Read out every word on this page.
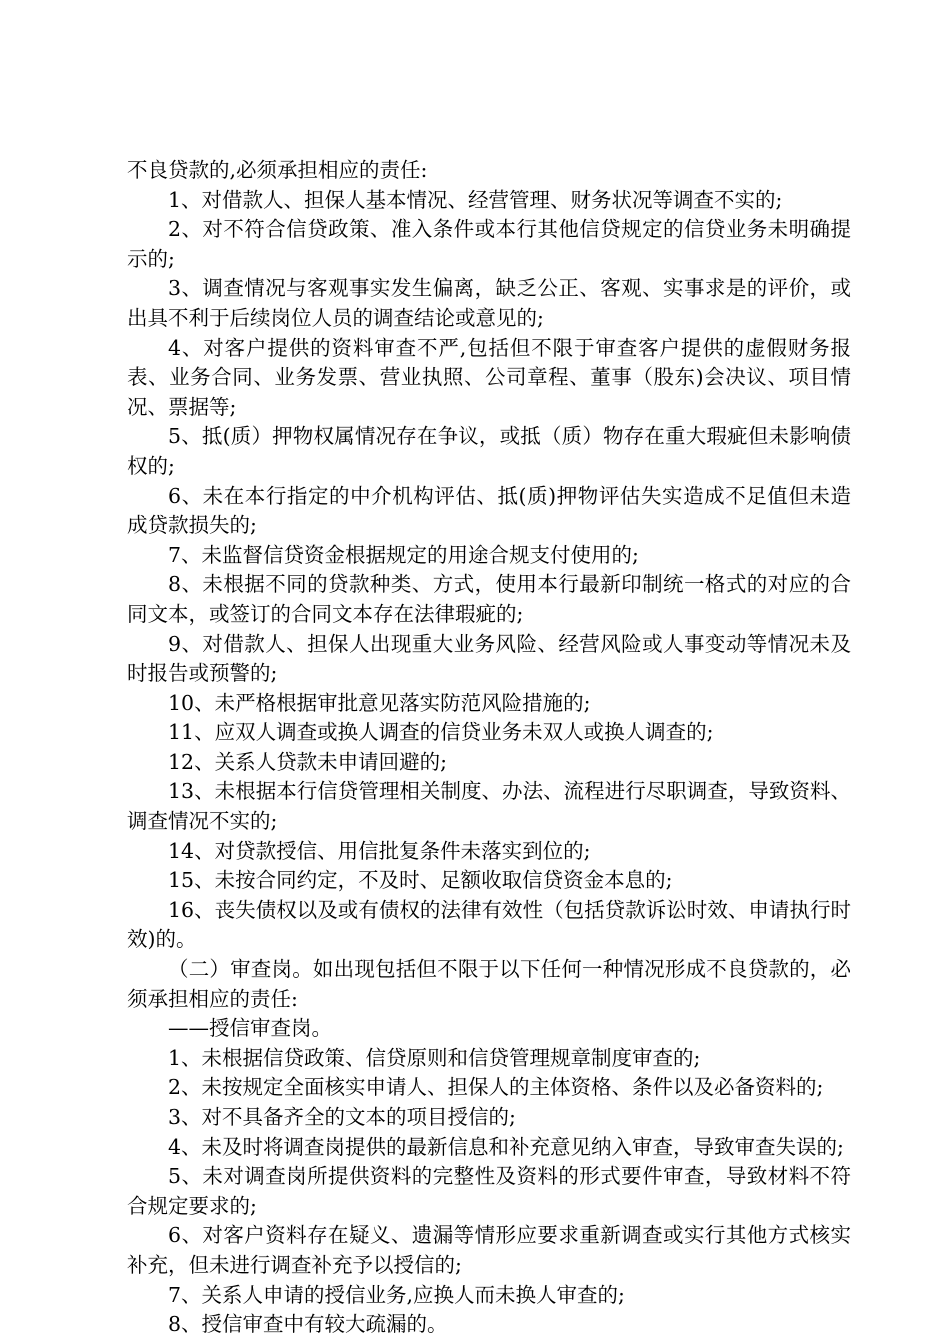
不良贷款的,必须承担相应的责任:

1、对借款人、担保人基本情况、经营管理、财务状况等调查不实的;

2、对不符合信贷政策、准入条件或本行其他信贷规定的信贷业务未明确提示的;

3、调查情况与客观事实发生偏离，缺乏公正、客观、实事求是的评价，或出具不利于后续岗位人员的调查结论或意见的;

4、对客户提供的资料审查不严,包括但不限于审查客户提供的虚假财务报表、业务合同、业务发票、营业执照、公司章程、董事（股东)会决议、项目情况、票据等;

5、抵(质）押物权属情况存在争议，或抵（质）物存在重大瑕疵但未影响债权的;

6、未在本行指定的中介机构评估、抵(质)押物评估失实造成不足值但未造成贷款损失的;

7、未监督信贷资金根据规定的用途合规支付使用的;

8、未根据不同的贷款种类、方式，使用本行最新印制统一格式的对应的合同文本，或签订的合同文本存在法律瑕疵的;

9、对借款人、担保人出现重大业务风险、经营风险或人事变动等情况未及时报告或预警的;

10、未严格根据审批意见落实防范风险措施的;

11、应双人调查或换人调查的信贷业务未双人或换人调查的;

12、关系人贷款未申请回避的;

13、未根据本行信贷管理相关制度、办法、流程进行尽职调查，导致资料、调查情况不实的;

14、对贷款授信、用信批复条件未落实到位的;

15、未按合同约定，不及时、足额收取信贷资金本息的;

16、丧失债权以及或有债权的法律有效性（包括贷款诉讼时效、申请执行时效)的。

（二）审查岗。如出现包括但不限于以下任何一种情况形成不良贷款的，必须承担相应的责任:

——授信审查岗。

1、未根据信贷政策、信贷原则和信贷管理规章制度审查的;

2、未按规定全面核实申请人、担保人的主体资格、条件以及必备资料的;

3、对不具备齐全的文本的项目授信的;

4、未及时将调查岗提供的最新信息和补充意见纳入审查，导致审查失误的;

5、未对调查岗所提供资料的完整性及资料的形式要件审查，导致材料不符合规定要求的;

6、对客户资料存在疑义、遗漏等情形应要求重新调查或实行其他方式核实补充，但未进行调查补充予以授信的;

7、关系人申请的授信业务,应换人而未换人审查的;

8、授信审查中有较大疏漏的。
